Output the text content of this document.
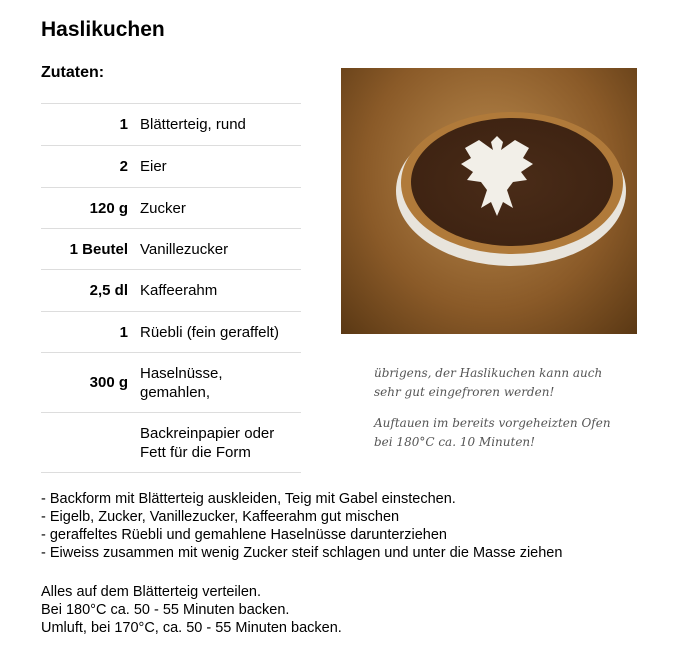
Haslikuchen
Zutaten:
1 Blätterteig, rund
2 Eier
120 g Zucker
1 Beutel Vanillezucker
2,5 dl Kaffeerahm
1 Rüebli (fein geraffelt)
300 g
Haselnüsse, gemahlen,
Backreinpapier oder Fett für die Form
übrigens, der Haslikuchen kann auch sehr gut eingefroren werden!
Auftauen im bereits vorgeheizten Ofen bei 180°C ca. 10 Minuten!
- Backform mit Blätterteig auskleiden, Teig mit Gabel einstechen.
- Eigelb, Zucker, Vanillezucker, Kaffeerahm gut mischen
- geraffeltes Rüebli und gemahlene Haselnüsse darunterziehen
- Eiweiss zusammen mit wenig Zucker steif schlagen und unter die Masse ziehen
Alles auf dem Blätterteig verteilen.
Bei 180°C ca. 50 - 55 Minuten backen.
Umluft, bei 170°C, ca. 50 - 55 Minuten backen.
